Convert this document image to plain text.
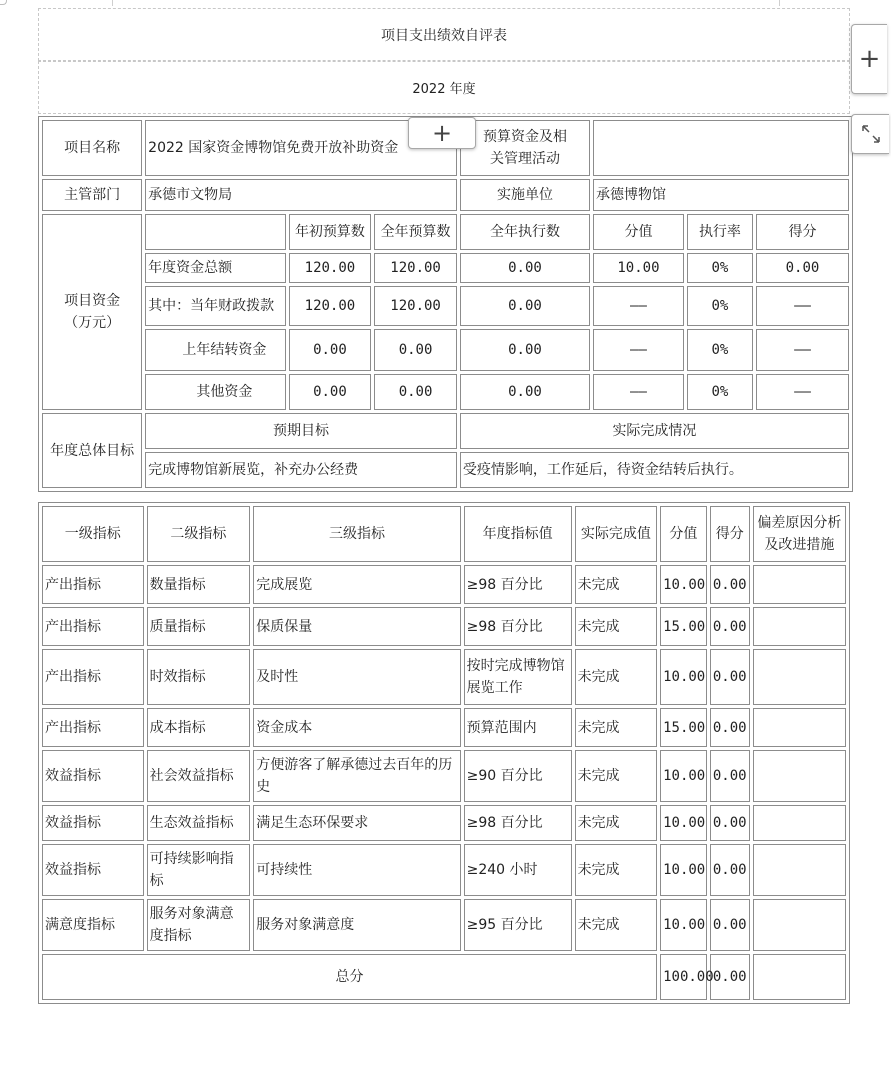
项目支出绩效自评表
2022 年度
项目名称	2022 国家资金博物馆免费开放补助资金			预算资金及相关管理活动			

主管部门	承德市文物局			实施单位	承德博物馆		

项目资金（万元）		年初预算数	全年预算数	全年执行数	分值	执行率	得分
	年度资金总额	120.00	120.00	0.00	10.00	0%	0.00
	其中：当年财政拨款	120.00	120.00	0.00	——	0%	——
	上年结转资金	0.00	0.00	0.00	——	0%	——
	其他资金	0.00	0.00	0.00	——	0%	——
年度总体目标	预期目标			实际完成情况			
	完成博物馆新展览，补充办公经费			受疫情影响，工作延后，待资金结转后执行。			
一级指标	二级指标	三级指标	年度指标值	实际完成值	分值	得分	偏差原因分析及改进措施
产出指标	数量指标	完成展览	≥98 百分比	未完成	10.00	0.00	
产出指标	质量指标	保质保量	≥98 百分比	未完成	15.00	0.00	
产出指标	时效指标	及时性	按时完成博物馆展览工作	未完成	10.00	0.00	
产出指标	成本指标	资金成本	预算范围内	未完成	15.00	0.00	
效益指标	社会效益指标	方便游客了解承德过去百年的历史	≥90 百分比	未完成	10.00	0.00	
效益指标	生态效益指标	满足生态环保要求	≥98 百分比	未完成	10.00	0.00	
效益指标	可持续影响指标	可持续性	≥240 小时	未完成	10.00	0.00	
满意度指标	服务对象满意度指标	服务对象满意度	≥95 百分比	未完成	10.00	0.00	
总分					100.00	0.00	
+
+
